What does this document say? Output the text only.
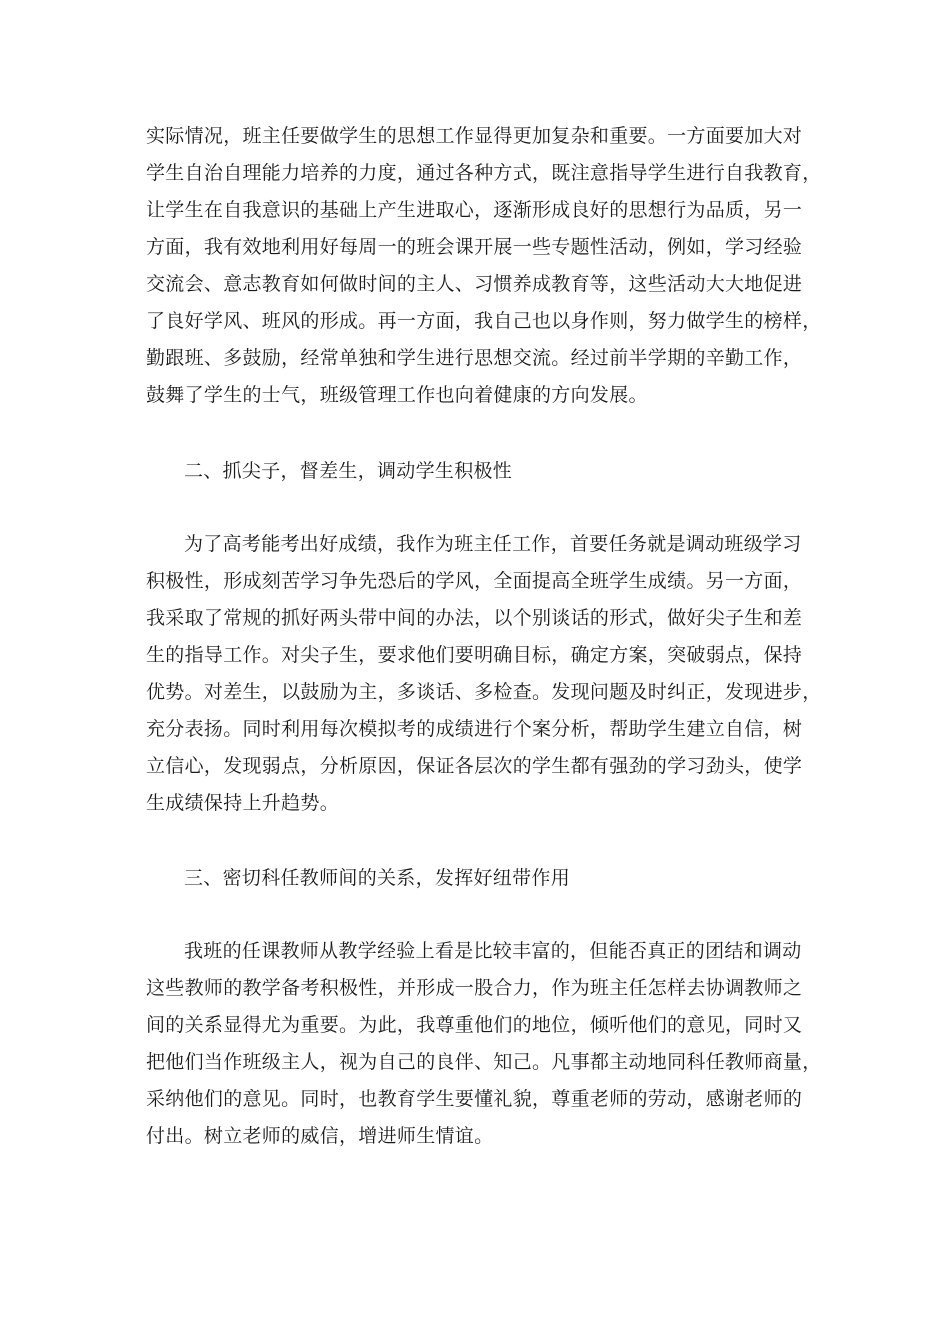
实际情况，班主任要做学生的思想工作显得更加复杂和重要。一方面要加大对
学生自治自理能力培养的力度，通过各种方式，既注意指导学生进行自我教育，
让学生在自我意识的基础上产生进取心，逐渐形成良好的思想行为品质，另一
方面，我有效地利用好每周一的班会课开展一些专题性活动，例如，学习经验
交流会、意志教育如何做时间的主人、习惯养成教育等，这些活动大大地促进
了良好学风、班风的形成。再一方面，我自己也以身作则，努力做学生的榜样，
勤跟班、多鼓励，经常单独和学生进行思想交流。经过前半学期的辛勤工作，
鼓舞了学生的士气，班级管理工作也向着健康的方向发展。
二、抓尖子，督差生，调动学生积极性
为了高考能考出好成绩，我作为班主任工作，首要任务就是调动班级学习
积极性，形成刻苦学习争先恐后的学风，全面提高全班学生成绩。另一方面，
我采取了常规的抓好两头带中间的办法，以个别谈话的形式，做好尖子生和差
生的指导工作。对尖子生，要求他们要明确目标，确定方案，突破弱点，保持
优势。对差生，以鼓励为主，多谈话、多检查。发现问题及时纠正，发现进步，
充分表扬。同时利用每次模拟考的成绩进行个案分析，帮助学生建立自信，树
立信心，发现弱点，分析原因，保证各层次的学生都有强劲的学习劲头，使学
生成绩保持上升趋势。
三、密切科任教师间的关系，发挥好纽带作用
我班的任课教师从教学经验上看是比较丰富的，但能否真正的团结和调动
这些教师的教学备考积极性，并形成一股合力，作为班主任怎样去协调教师之
间的关系显得尤为重要。为此，我尊重他们的地位，倾听他们的意见，同时又
把他们当作班级主人，视为自己的良伴、知己。凡事都主动地同科任教师商量，
采纳他们的意见。同时，也教育学生要懂礼貌，尊重老师的劳动，感谢老师的
付出。树立老师的威信，增进师生情谊。
